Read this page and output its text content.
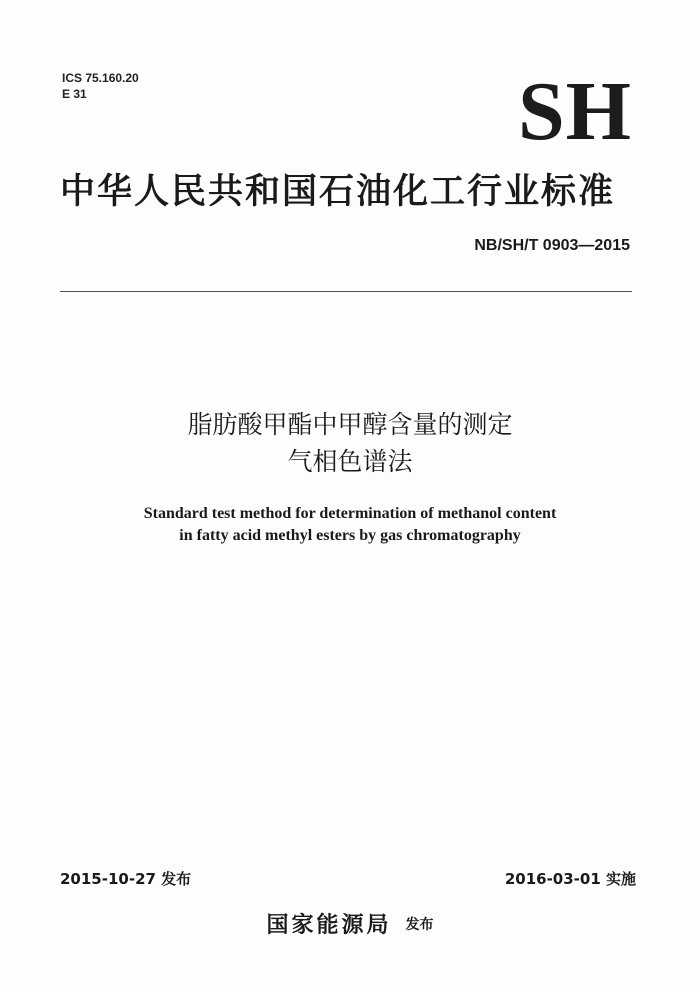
ICS 75.160.20
E 31	SH
中华人民共和国石油化工行业标准
NB/SH/T 0903—2015
脂肪酸甲酯中甲醇含量的测定
气相色谱法
Standard test method for determination of methanol content
in fatty acid methyl esters by gas chromatography
2015-10-27 发布	2016-03-01 实施
国家能源局 发布
